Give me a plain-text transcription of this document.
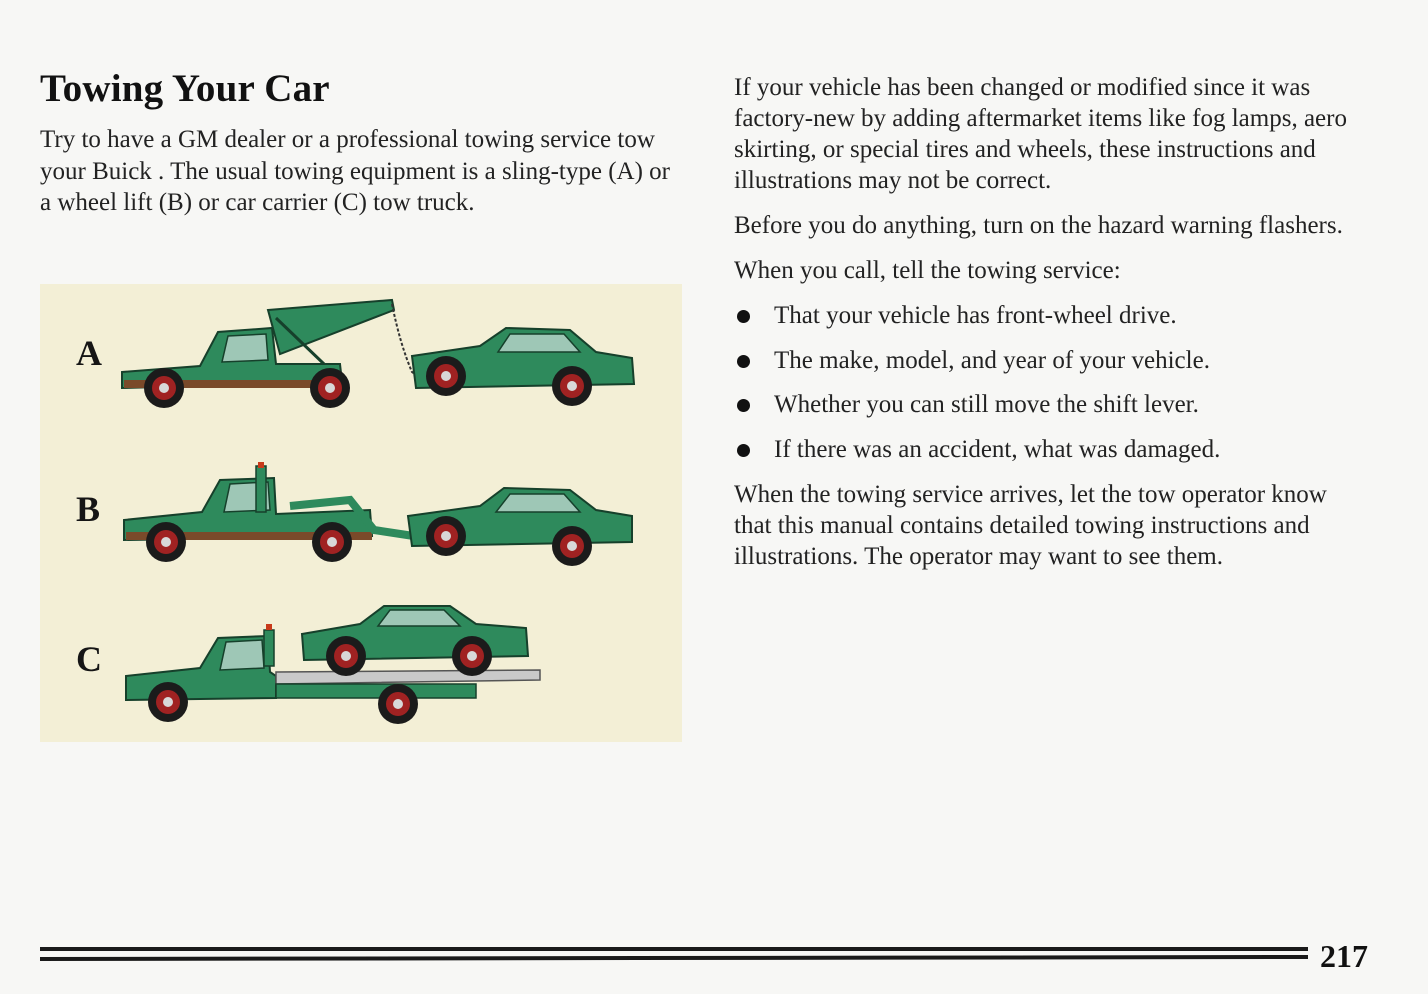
Towing Your Car

Try to have a GM dealer or a professional towing service tow your Buick . The usual towing equipment is a sling-type (A) or a wheel lift (B) or car carrier (C) tow truck.

A
B
C

If your vehicle has been changed or modified since it was factory-new by adding aftermarket items like fog lamps, aero skirting, or special tires and wheels, these instructions and illustrations may not be correct.

Before you do anything, turn on the hazard warning flashers.

When you call, tell the towing service:

That your vehicle has front-wheel drive.
The make, model, and year of your vehicle.
Whether you can still move the shift lever.
If there was an accident, what was damaged.

When the towing service arrives, let the tow operator know that this manual contains detailed towing instructions and illustrations. The operator may want to see them.

217
